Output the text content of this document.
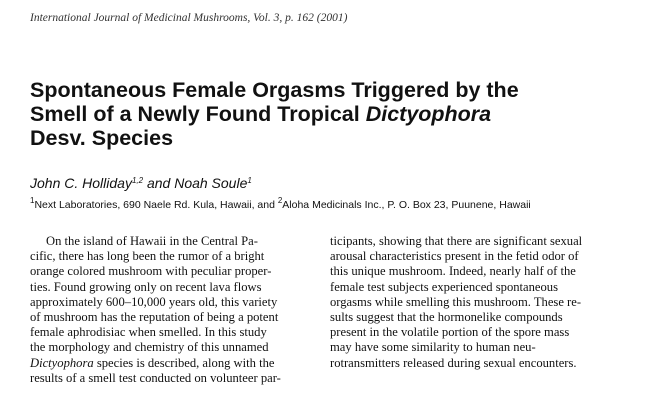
International Journal of Medicinal Mushrooms, Vol. 3, p. 162 (2001)
Spontaneous Female Orgasms Triggered by the
Smell of a Newly Found Tropical Dictyophora
Desv. Species
John C. Holliday$^{1,2}$ and Noah Soule$^1$
$^1$Next Laboratories, 690 Naele Rd. Kula, Hawaii, and $^2$Aloha Medicinals Inc., P. O. Box 23, Puunene, Hawaii
On the island of Hawaii in the Central Pa-
cific, there has long been the rumor of a bright
orange colored mushroom with peculiar proper-
ties. Found growing only on recent lava flows
approximately 600–10,000 years old, this variety
of mushroom has the reputation of being a potent
female aphrodisiac when smelled. In this study
the morphology and chemistry of this unnamed
Dictyophora species is described, along with the
results of a smell test conducted on volunteer par-
ticipants, showing that there are significant sexual
arousal characteristics present in the fetid odor of
this unique mushroom. Indeed, nearly half of the
female test subjects experienced spontaneous
orgasms while smelling this mushroom. These re-
sults suggest that the hormonelike compounds
present in the volatile portion of the spore mass
may have some similarity to human neu-
rotransmitters released during sexual encounters.
